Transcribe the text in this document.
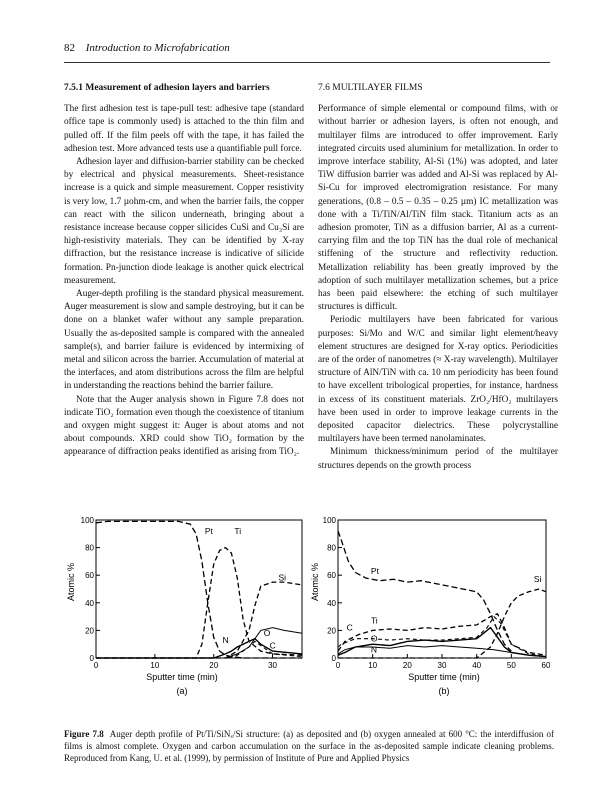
82 Introduction to Microfabrication
7.5.1 Measurement of adhesion layers and barriers

The first adhesion test is tape-pull test: adhesive tape (standard office tape is commonly used) is attached to the thin film and pulled off. If the film peels off with the tape, it has failed the adhesion test. More advanced tests use a quantifiable pull force.

Adhesion layer and diffusion-barrier stability can be checked by electrical and physical measurements. Sheet-resistance increase is a quick and simple measurement. Copper resistivity is very low, 1.7 µohm-cm, and when the barrier fails, the copper can react with the silicon underneath, bringing about a resistance increase because copper silicides CuSi and Cu₃Si are high-resistivity materials. They can be identified by X-ray diffraction, but the resistance increase is indicative of silicide formation. Pn-junction diode leakage is another quick electrical measurement.

Auger-depth profiling is the standard physical measurement. Auger measurement is slow and sample destroying, but it can be done on a blanket wafer without any sample preparation. Usually the as-deposited sample is compared with the annealed sample(s), and barrier failure is evidenced by intermixing of metal and silicon across the barrier. Accumulation of material at the interfaces, and atom distributions across the film are helpful in understanding the reactions behind the barrier failure.

Note that the Auger analysis shown in Figure 7.8 does not indicate TiO₂ formation even though the coexistence of titanium and oxygen might suggest it: Auger is about atoms and not about compounds. XRD could show TiO₂ formation by the appearance of diffraction peaks identified as arising from TiO₂.

7.6 MULTILAYER FILMS

Performance of simple elemental or compound films, with or without barrier or adhesion layers, is often not enough, and multilayer films are introduced to offer improvement. Early integrated circuits used aluminium for metallization. In order to improve interface stability, Al-Si (1%) was adopted, and later TiW diffusion barrier was added and Al-Si was replaced by Al-Si-Cu for improved electromigration resistance. For many generations, (0.8 – 0.5 – 0.35 – 0.25 µm) IC metallization was done with a Ti/TiN/Al/TiN film stack. Titanium acts as an adhesion promoter, TiN as a diffusion barrier, Al as a current-carrying film and the top TiN has the dual role of mechanical stiffening of the structure and reflectivity reduction. Metallization reliability has been greatly improved by the adoption of such multilayer metallization schemes, but a price has been paid elsewhere: the etching of such multilayer structures is difficult.

Periodic multilayers have been fabricated for various purposes: Si/Mo and W/C and similar light element/heavy element structures are designed for X-ray optics. Periodicities are of the order of nanometres (≈ X-ray wavelength). Multilayer structure of AlN/TiN with ca. 10 nm periodicity has been found to have excellent tribological properties, for instance, hardness in excess of its constituent materials. ZrO₂/HfO₂ multilayers have been used in order to improve leakage currents in the deposited capacitor dielectrics. These polycrystalline multilayers have been termed nanolaminates.

Minimum thickness/minimum period of the multilayer structures depends on the growth process

Atomic %
Sputter time (min)
(a)
0	10	20	30
0
20
40
60
80
100
Pt	Ti
Si
N
O
C
Atomic %
Sputter time (min)
(b)
0	10	20	30	40	50	60
0
20
40
60
80
100
Pt
Si
Ti
C
O
N
Figure 7.8 Auger depth profile of Pt/Ti/SiNₓ/Si structure: (a) as deposited and (b) oxygen annealed at 600 °C: the interdiffusion of films is almost complete. Oxygen and carbon accumulation on the surface in the as-deposited sample indicate cleaning problems. Reproduced from Kang, U. et al. (1999), by permission of Institute of Pure and Applied Physics
